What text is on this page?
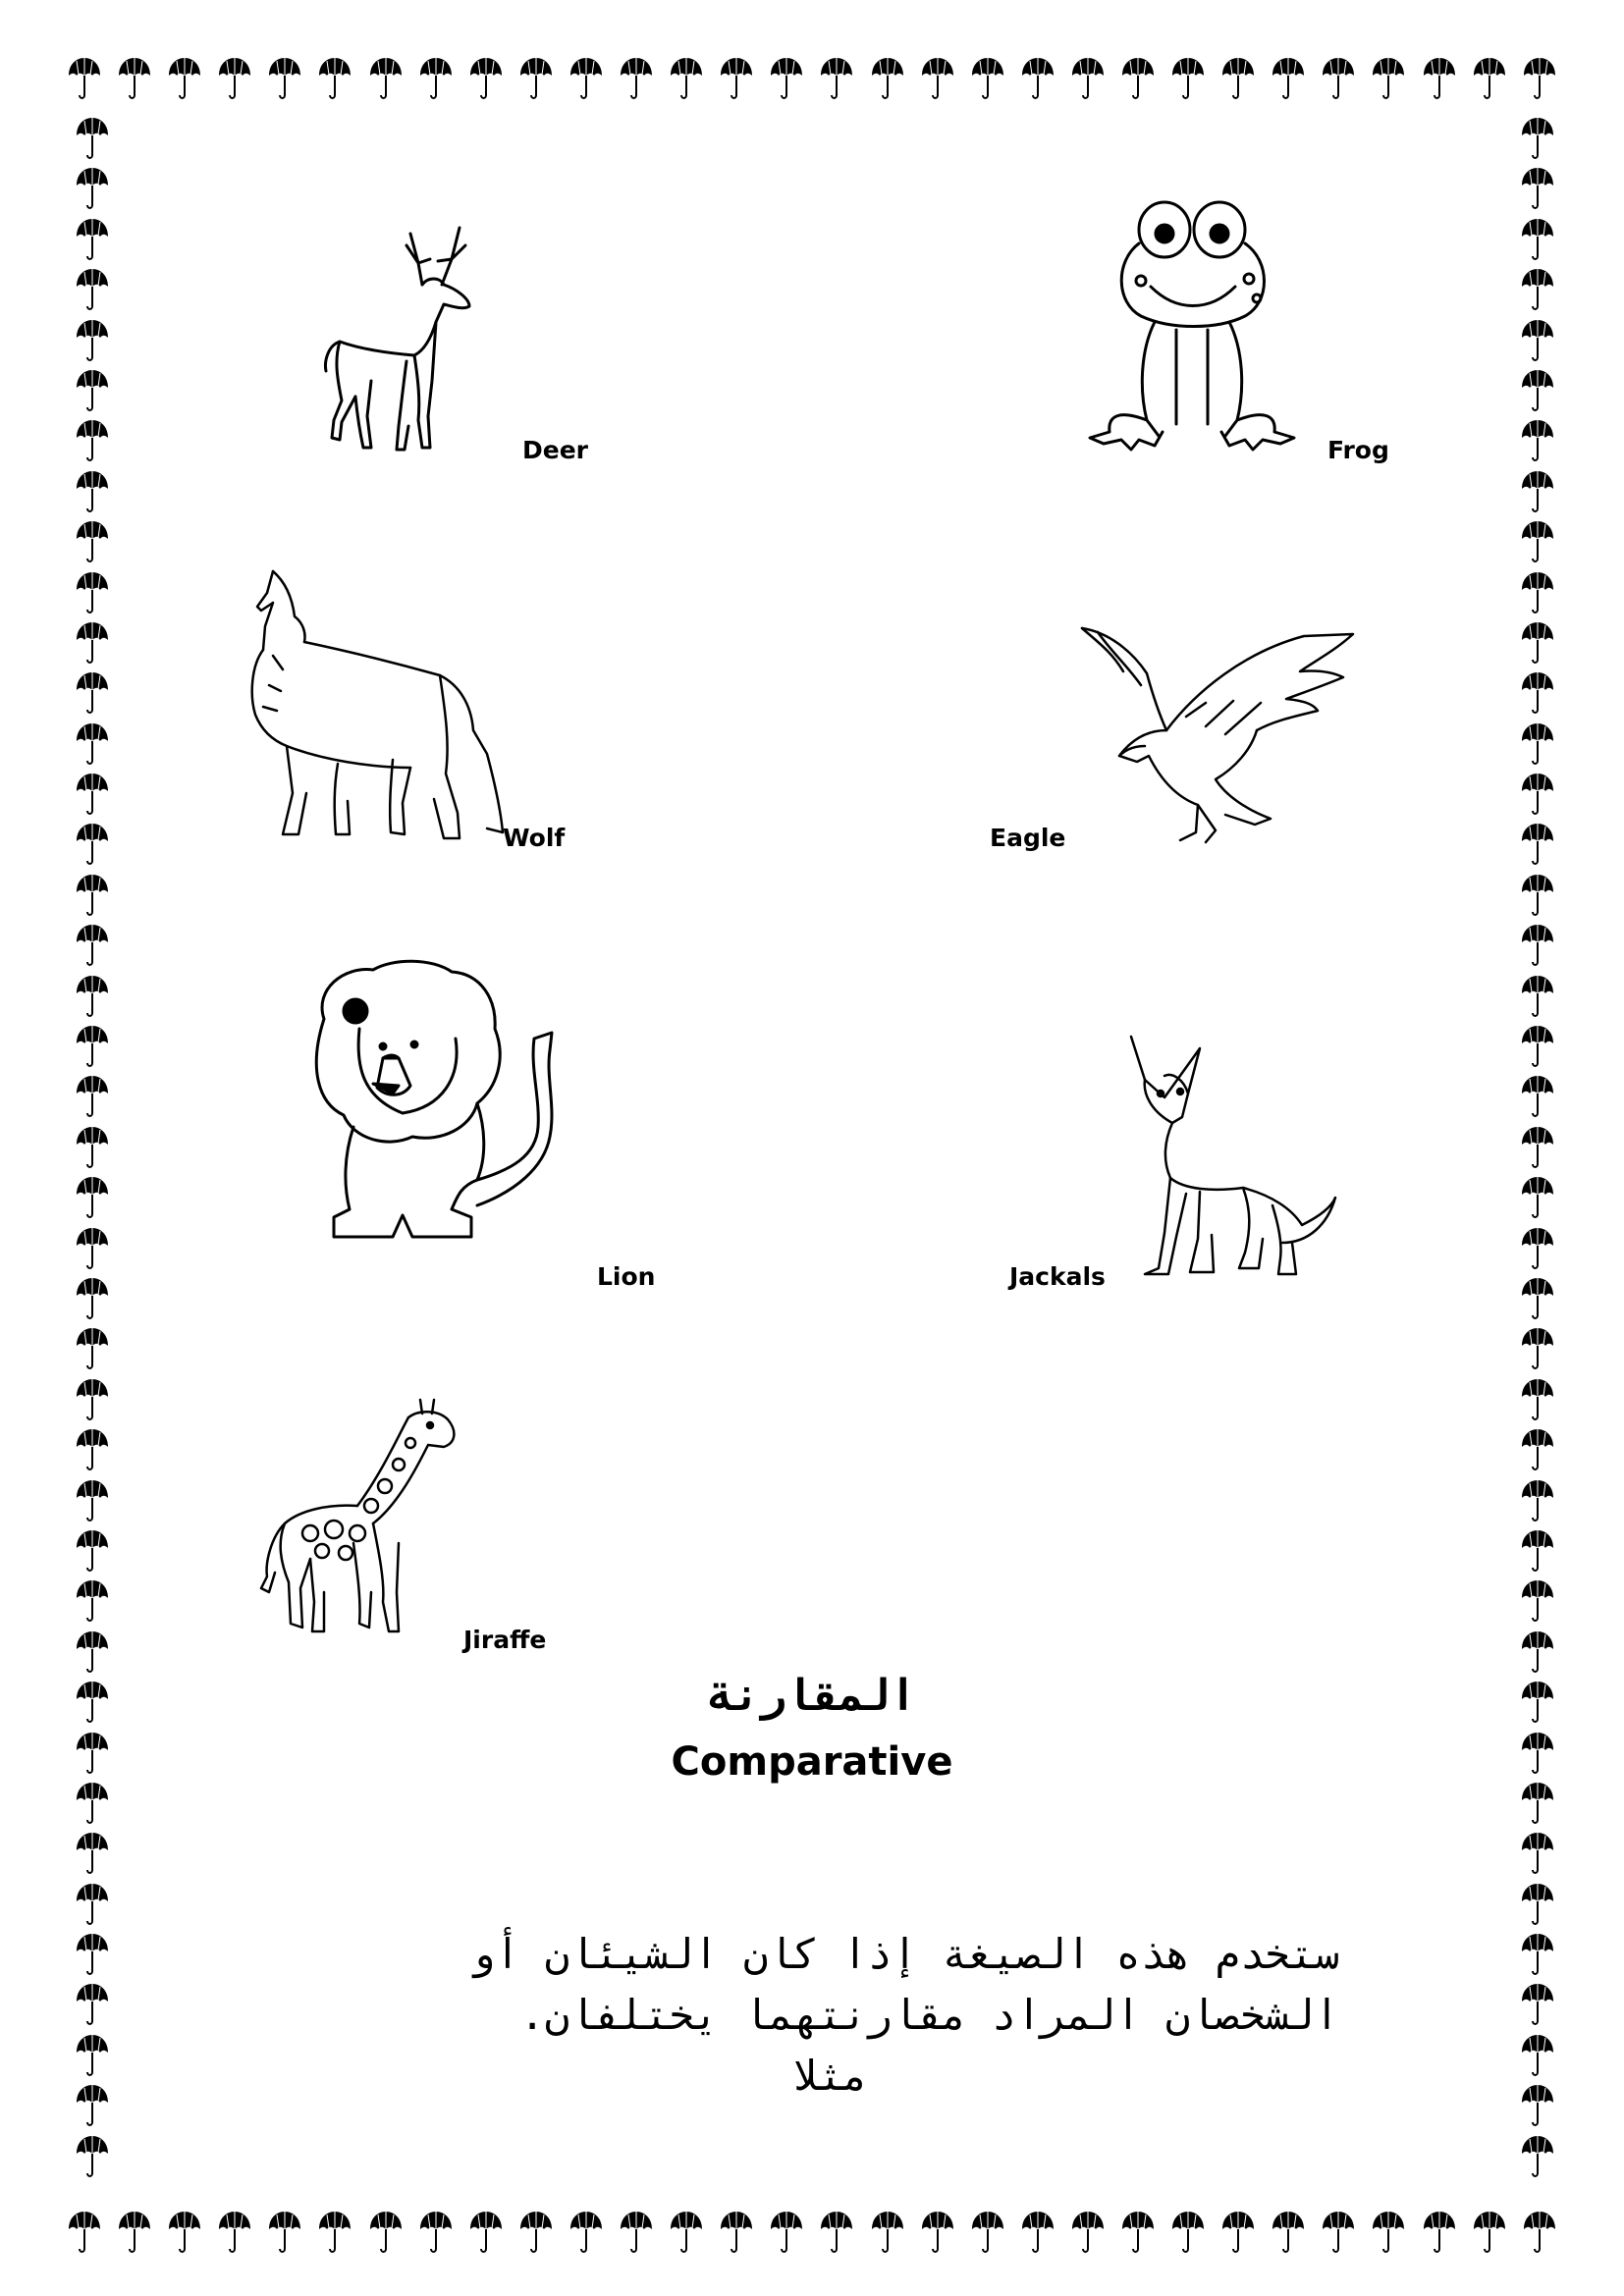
Deer	Frog
Wolf	Eagle
Lion	Jackals
Jiraffe
المقارنة
Comparative
ستخدم هذه الصيغة إذا كان الشيئان أو
الشخصان المراد مقارنتهما يختلفان.
مثلا
